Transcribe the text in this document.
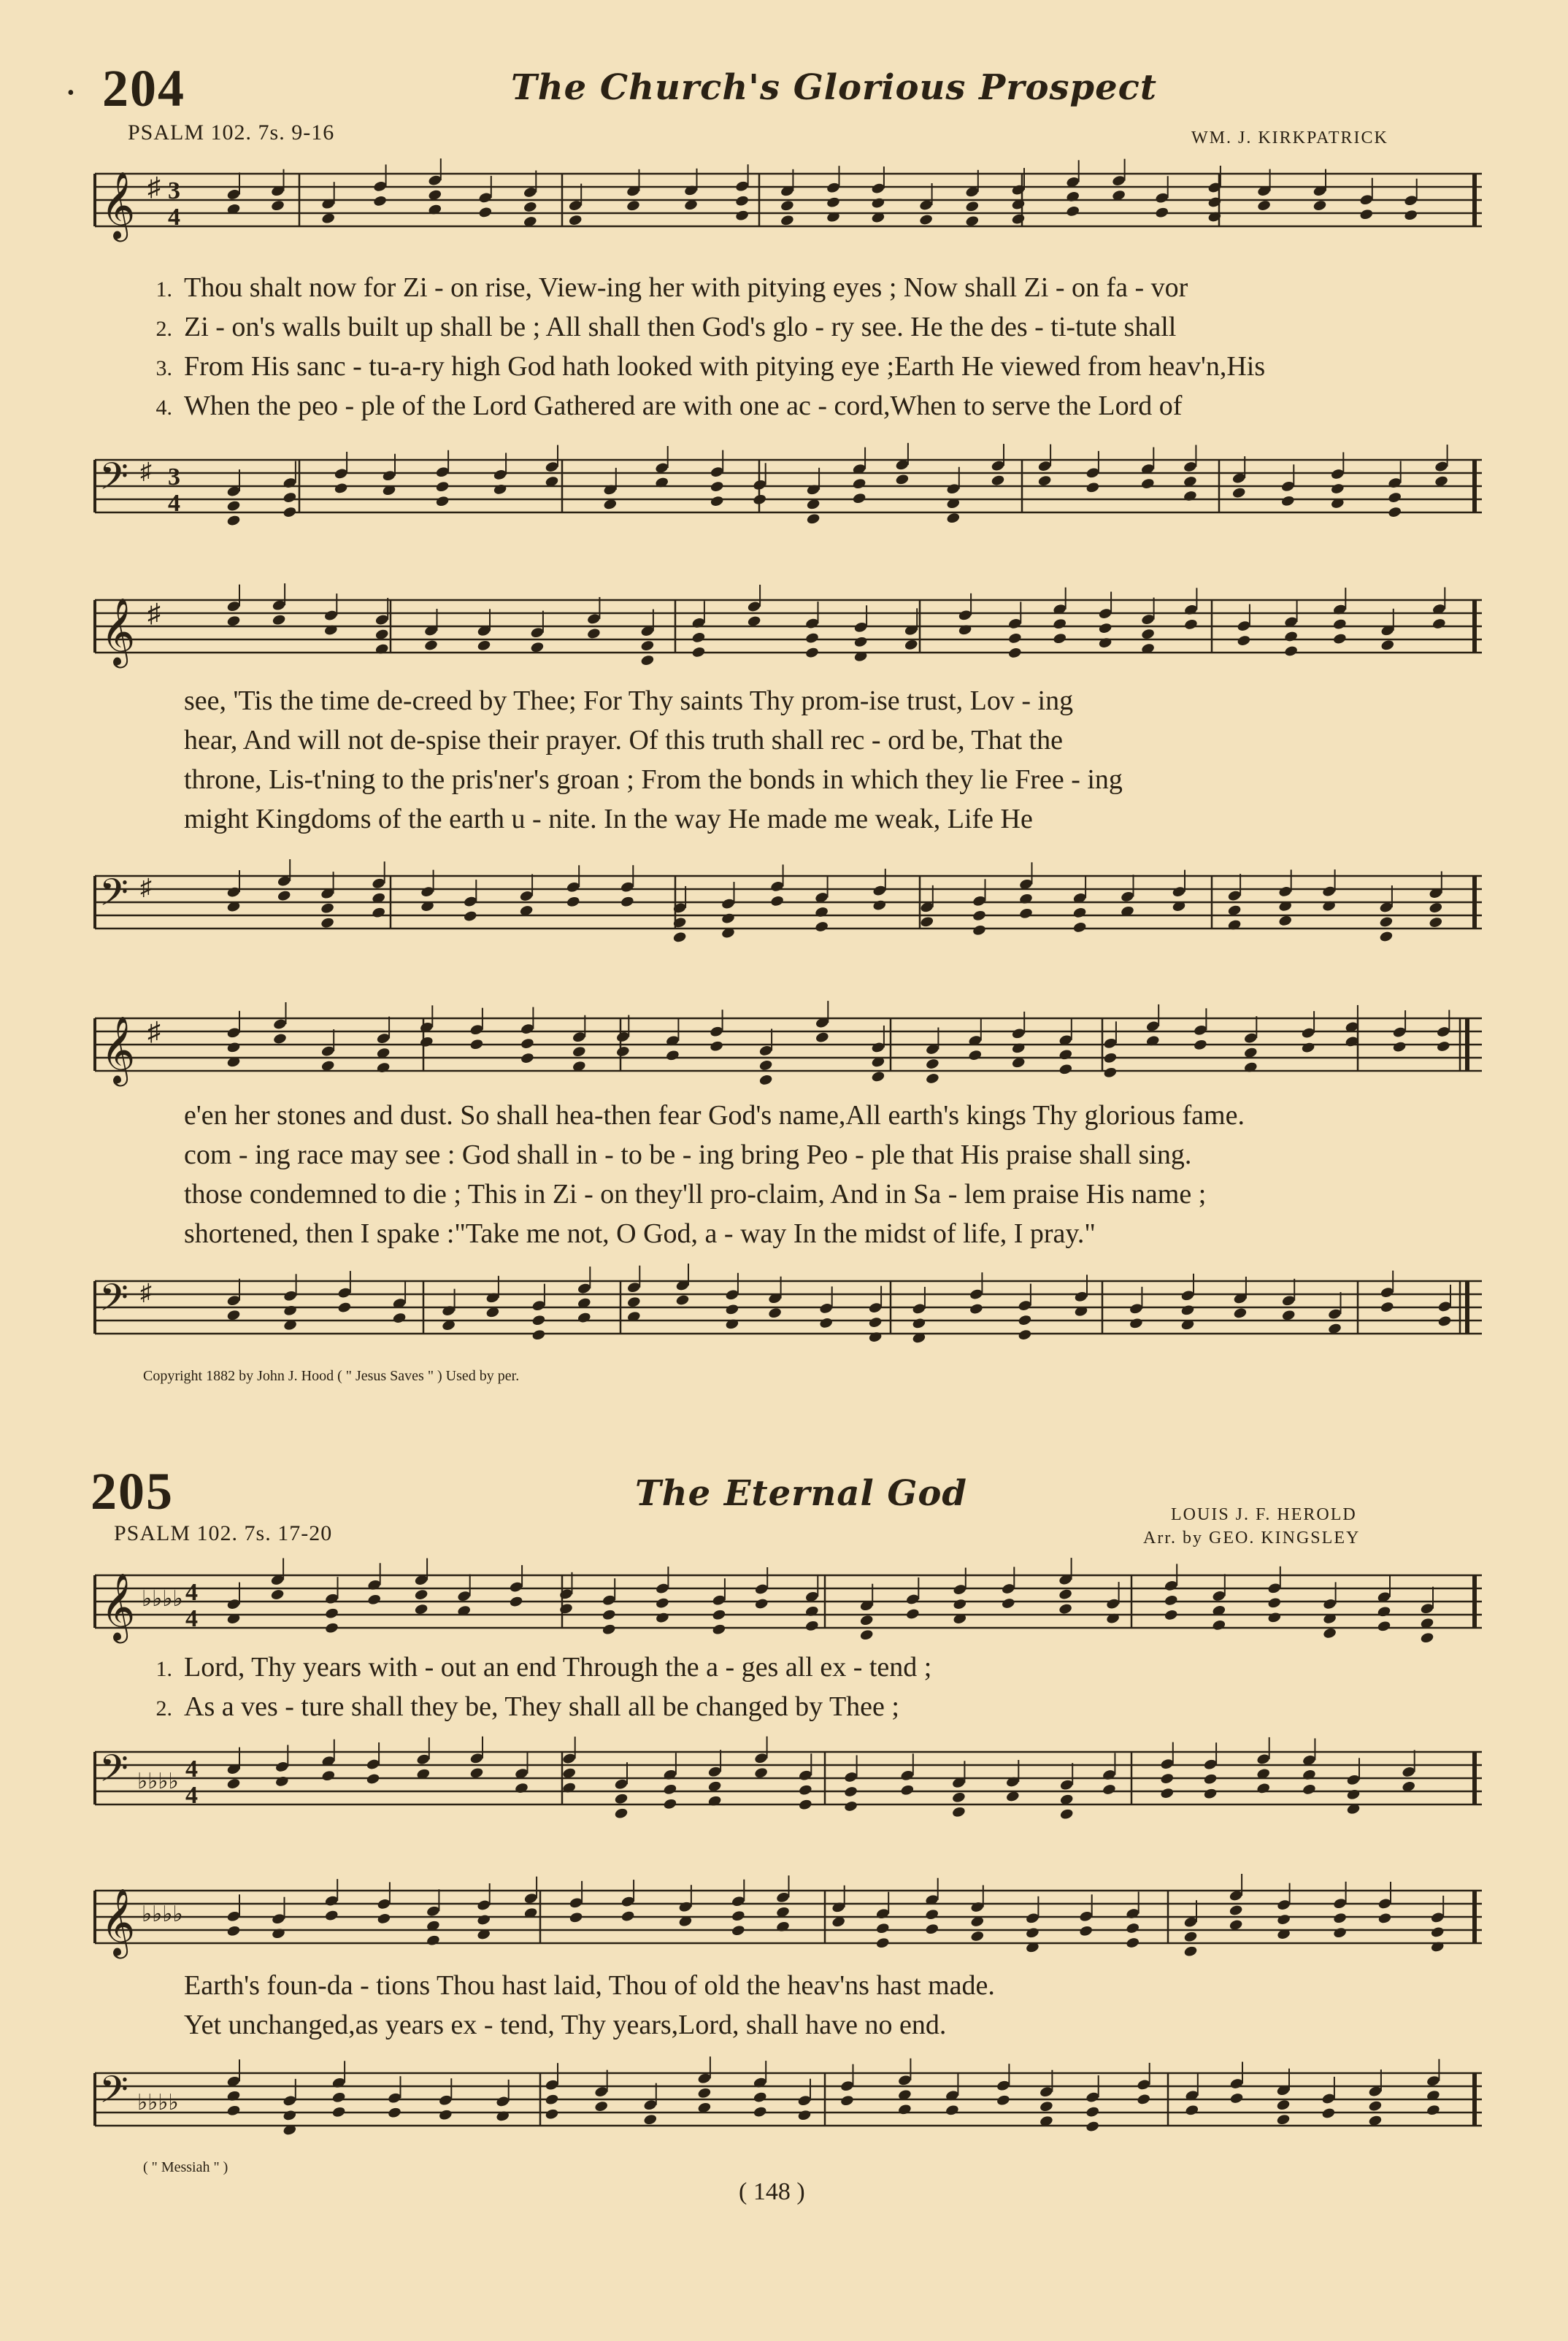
• 204	The Church's Glorious Prospect
PSALM 102. 7s. 9-16	WM. J. KIRKPATRICK
𝄞 ♯ 3
4
1. Thou shalt now for Zi - on rise, View-ing her with pitying eyes ; Now shall Zi - on fa - vor
2. Zi - on's walls built up shall be ; All shall then God's glo - ry see. He the des - ti-tute shall
3. From His sanc - tu-a-ry high God hath looked with pitying eye ;Earth He viewed from heav'n,His
4. When the peo - ple of the Lord Gathered are with one ac - cord,When to serve the Lord of
𝄢 ♯ 3
4
𝄞 ♯
see, 'Tis the time de-creed by Thee; For Thy saints Thy prom-ise trust, Lov - ing
hear, And will not de-spise their prayer. Of this truth shall rec - ord be, That the
throne, Lis-t'ning to the pris'ner's groan ; From the bonds in which they lie Free - ing
might Kingdoms of the earth u - nite. In the way He made me weak, Life He
𝄢 ♯
𝄞 ♯
e'en her stones and dust. So shall hea-then fear God's name,All earth's kings Thy glorious fame.
com - ing race may see : God shall in - to be - ing bring Peo - ple that His praise shall sing.
those condemned to die ; This in Zi - on they'll pro-claim, And in Sa - lem praise His name ;
shortened, then I spake :"Take me not, O God, a - way In the midst of life, I pray."
𝄢 ♯
Copyright 1882 by John J. Hood ( " Jesus Saves " ) Used by per.
205	The Eternal God
LOUIS J. F. HEROLD
PSALM 102. 7s. 17-20	Arr. by GEO. KINGSLEY
𝄞 ♭♭♭♭ 4
4
1. Lord, Thy years with - out an end Through the a - ges all ex - tend ;
2. As a ves - ture shall they be, They shall all be changed by Thee ;
𝄢 ♭♭♭♭ 4
4
𝄞 ♭♭♭♭
Earth's foun-da - tions Thou hast laid, Thou of old the heav'ns hast made.
Yet unchanged,as years ex - tend, Thy years,Lord, shall have no end.
𝄢 ♭♭♭♭
( " Messiah " )
( 148 )
